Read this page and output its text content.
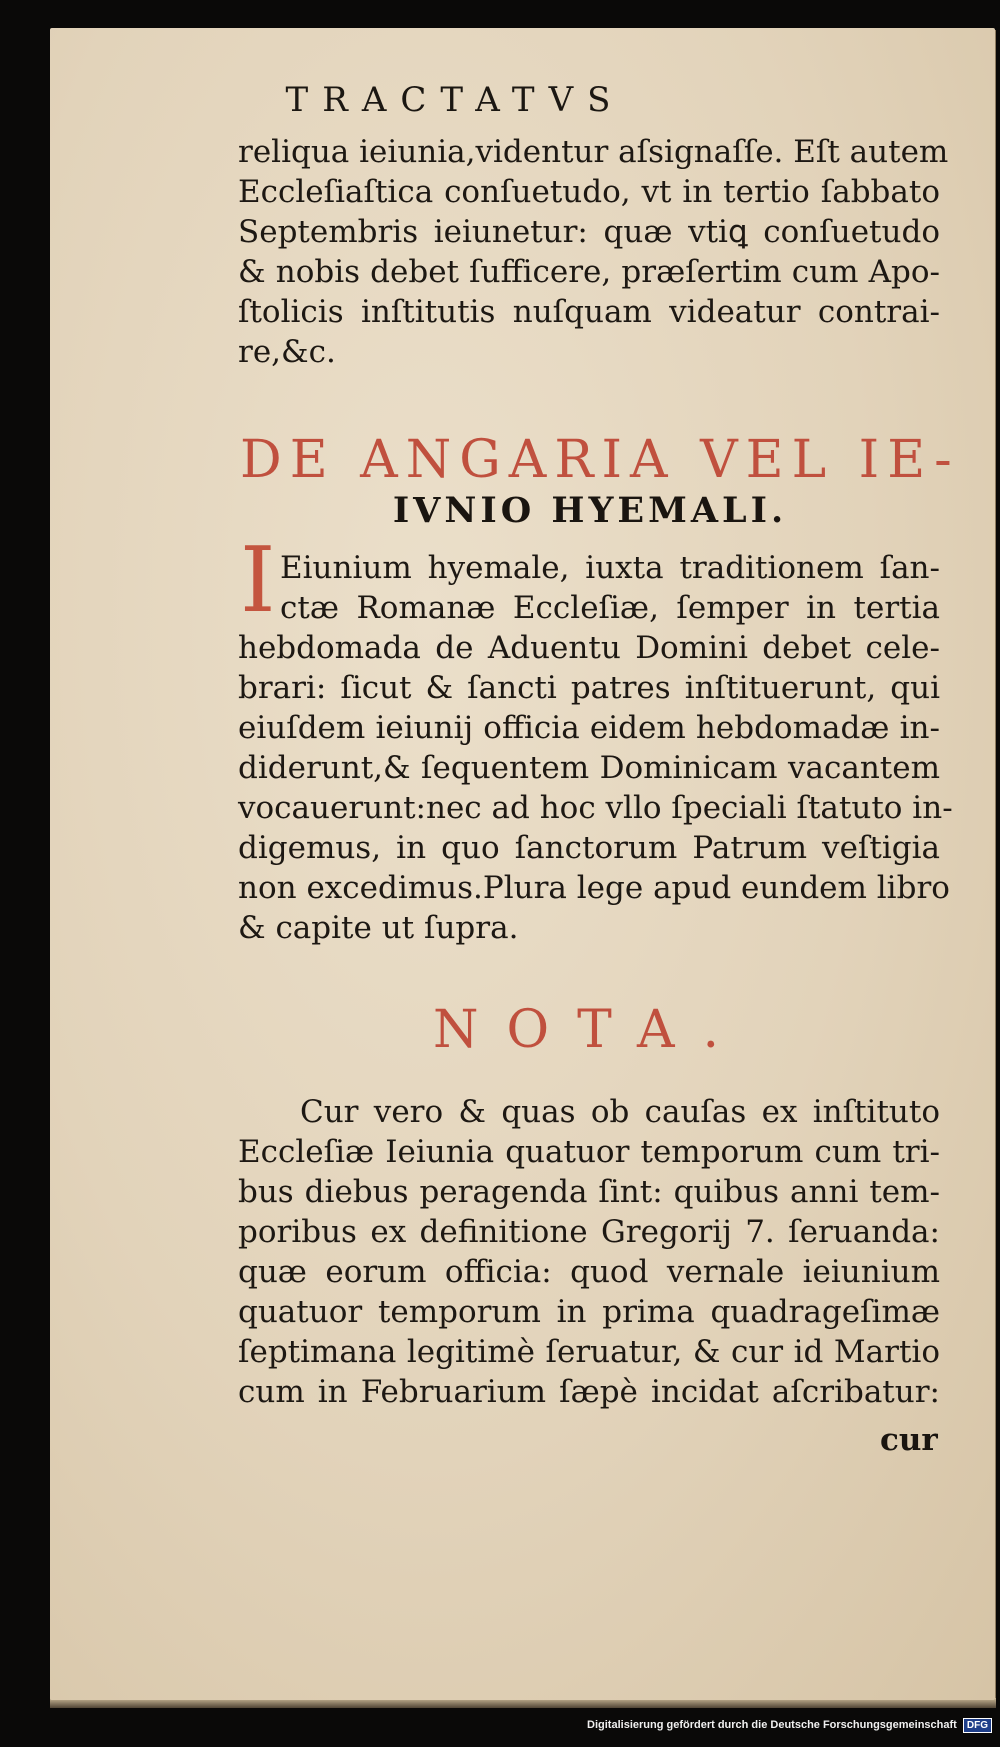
TRACTATVS
reliqua ieiunia,videntur aſsignaſſe. Eſt autem
Eccleſiaſtica conſuetudo, vt in tertio ſabbato
Septembris ieiunetur: quæ vtiꝗ conſuetudo
& nobis debet ſufficere, præſertim cum Apo-
ſtolicis inſtitutis nuſquam videatur contrai-
re,&c.
DE ANGARIA VEL IE-
IVNIO HYEMALI.
I Eiunium hyemale, iuxta traditionem ſan-
ctæ Romanæ Eccleſiæ, ſemper in tertia
hebdomada de Aduentu Domini debet cele-
brari: ſicut & ſancti patres inſtituerunt, qui
eiuſdem ieiunij officia eidem hebdomadæ in-
diderunt,& ſequentem Dominicam vacantem
vocauerunt:nec ad hoc vllo ſpeciali ſtatuto in-
digemus, in quo ſanctorum Patrum veſtigia
non excedimus.Plura lege apud eundem libro
& capite ut ſupra.
NOTA.
Cur vero & quas ob cauſas ex inſtituto
Eccleſiæ Ieiunia quatuor temporum cum tri-
bus diebus peragenda ſint: quibus anni tem-
poribus ex definitione Gregorij 7. ſeruanda:
quæ eorum officia: quod vernale ieiunium
quatuor temporum in prima quadrageſimæ
ſeptimana legitimè ſeruatur, & cur id Martio
cum in Februarium ſæpè incidat aſcribatur:
cur
Digitalisierung gefördert durch die Deutsche Forschungsgemeinschaft DFG
